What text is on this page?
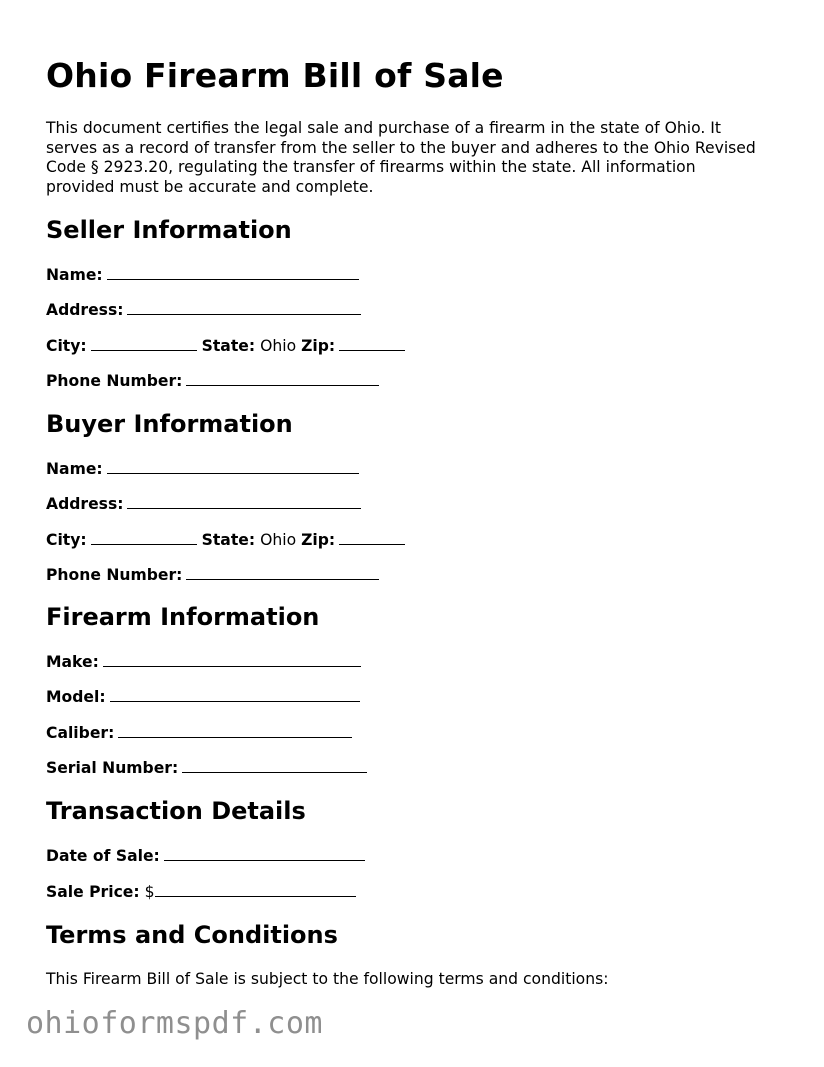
Ohio Firearm Bill of Sale

This document certifies the legal sale and purchase of a firearm in the state of Ohio. It serves as a record of transfer from the seller to the buyer and adheres to the Ohio Revised Code § 2923.20, regulating the transfer of firearms within the state. All information provided must be accurate and complete.

Seller Information

Name:

Address:

City:	State: Ohio Zip:

Phone Number:

Buyer Information

Name:

Address:

City:	State: Ohio Zip:

Phone Number:

Firearm Information

Make:

Model:

Caliber:

Serial Number:

Transaction Details

Date of Sale:

Sale Price: $

Terms and Conditions

This Firearm Bill of Sale is subject to the following terms and conditions:

ohioformspdf.com
